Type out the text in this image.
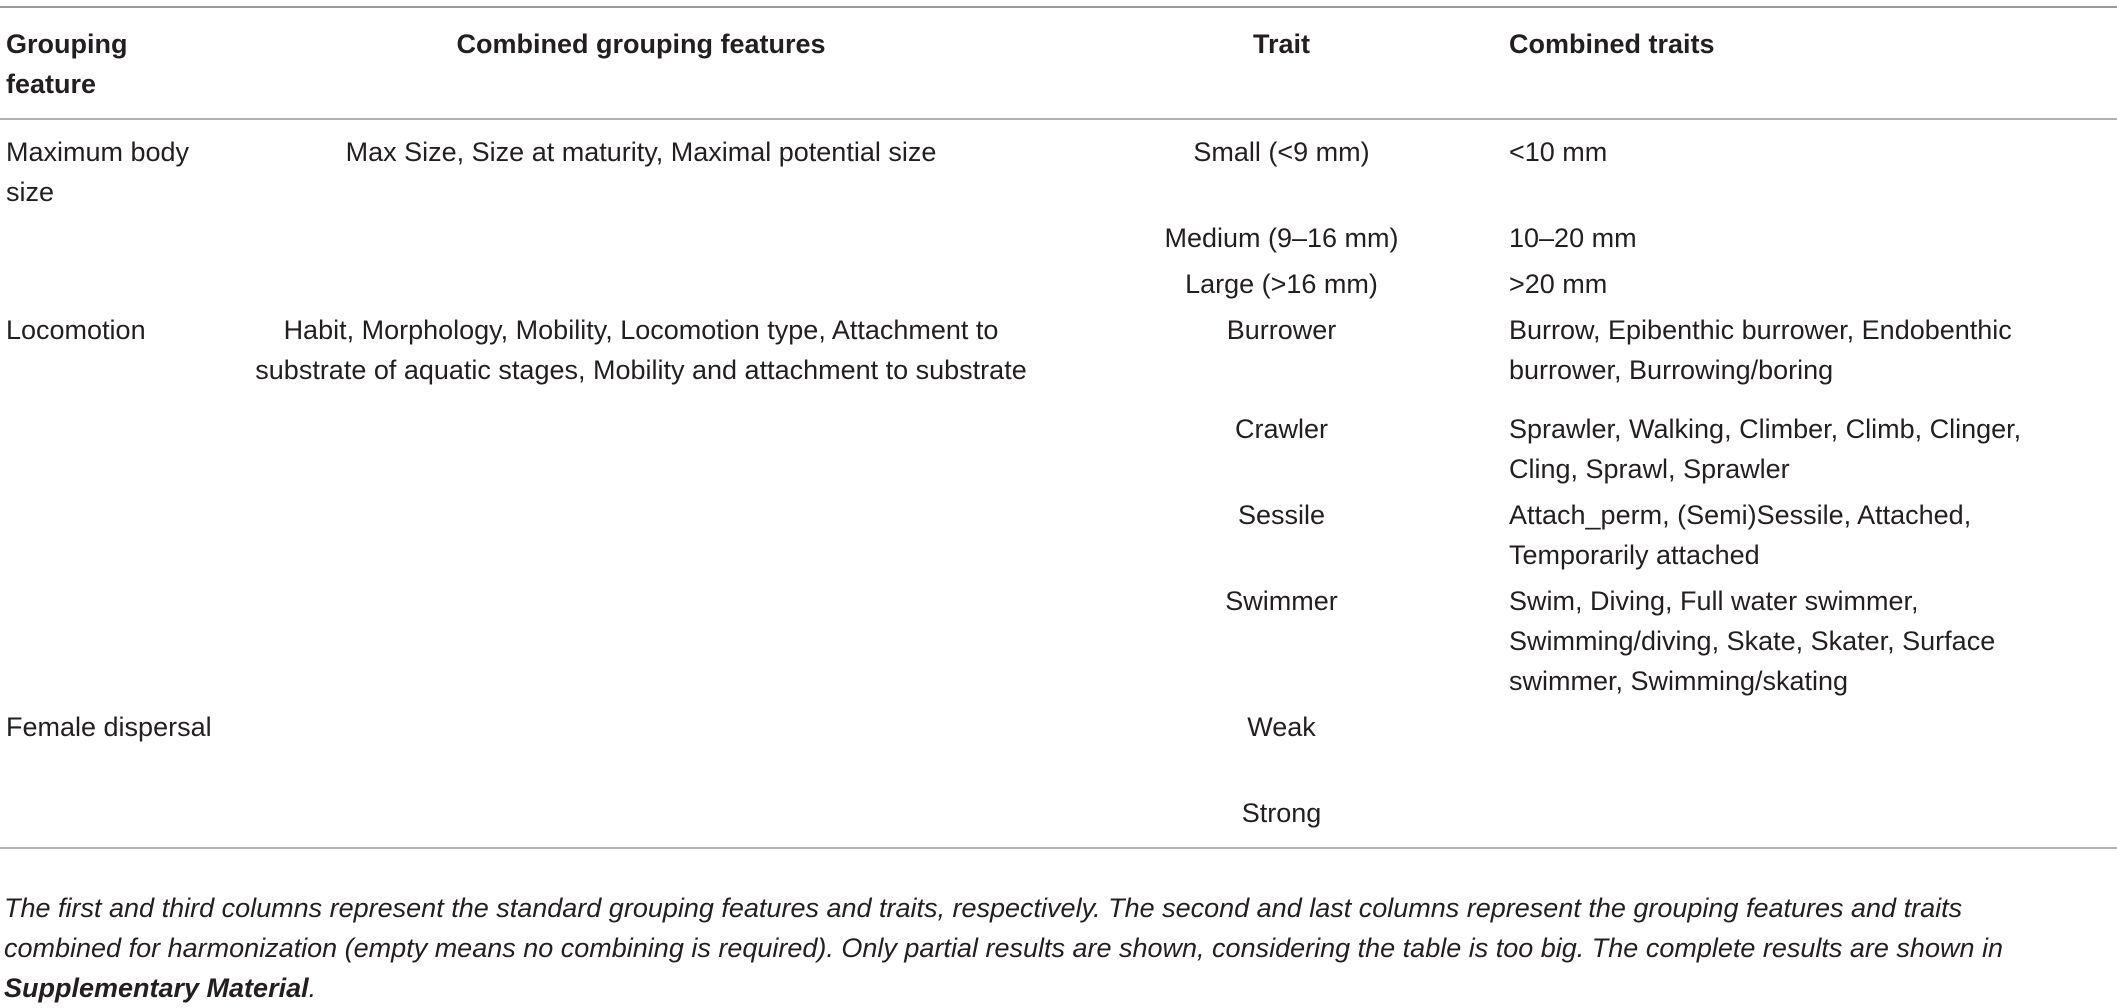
Grouping feature	Combined grouping features	Trait	Combined traits
Maximum body size	Max Size, Size at maturity, Maximal potential size	Small (<9 mm)	<10 mm
		Medium (9–16 mm)	10–20 mm
		Large (>16 mm)	>20 mm
Locomotion	Habit, Morphology, Mobility, Locomotion type, Attachment to substrate of aquatic stages, Mobility and attachment to substrate	Burrower	Burrow, Epibenthic burrower, Endobenthic burrower, Burrowing/boring
		Crawler	Sprawler, Walking, Climber, Climb, Clinger, Cling, Sprawl, Sprawler
		Sessile	Attach_perm, (Semi)Sessile, Attached, Temporarily attached
		Swimmer	Swim, Diving, Full water swimmer, Swimming/diving, Skate, Skater, Surface swimmer, Swimming/skating
Female dispersal		Weak	
		Strong	
The first and third columns represent the standard grouping features and traits, respectively. The second and last columns represent the grouping features and traits combined for harmonization (empty means no combining is required). Only partial results are shown, considering the table is too big. The complete results are shown in Supplementary Material.
